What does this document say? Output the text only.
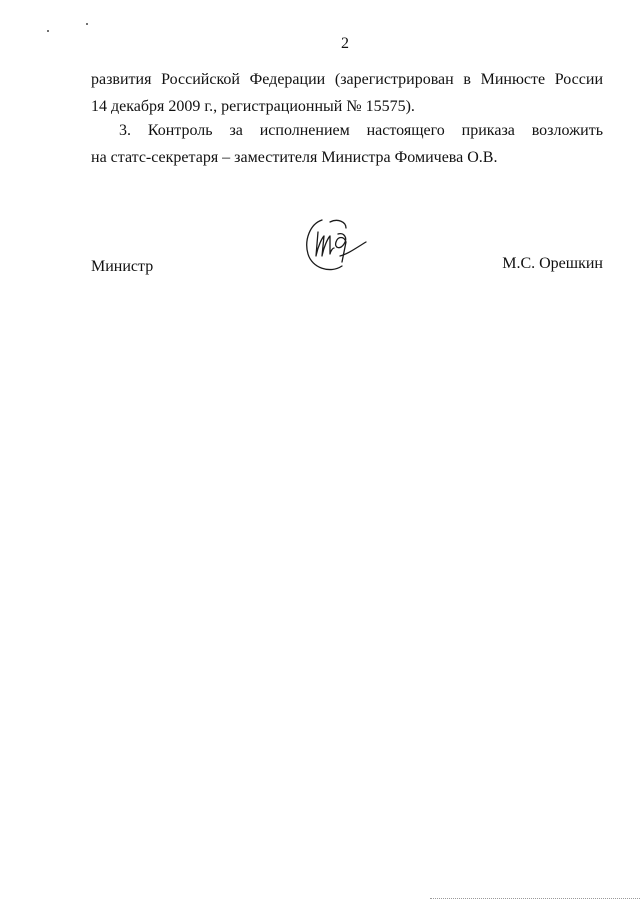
2
развития Российской Федерации (зарегистрирован в Минюсте России
14 декабря 2009 г., регистрационный № 15575).
3. Контроль за исполнением настоящего приказа возложить
на статс-секретаря – заместителя Министра Фомичева О.В.
Министр	М.С. Орешкин
